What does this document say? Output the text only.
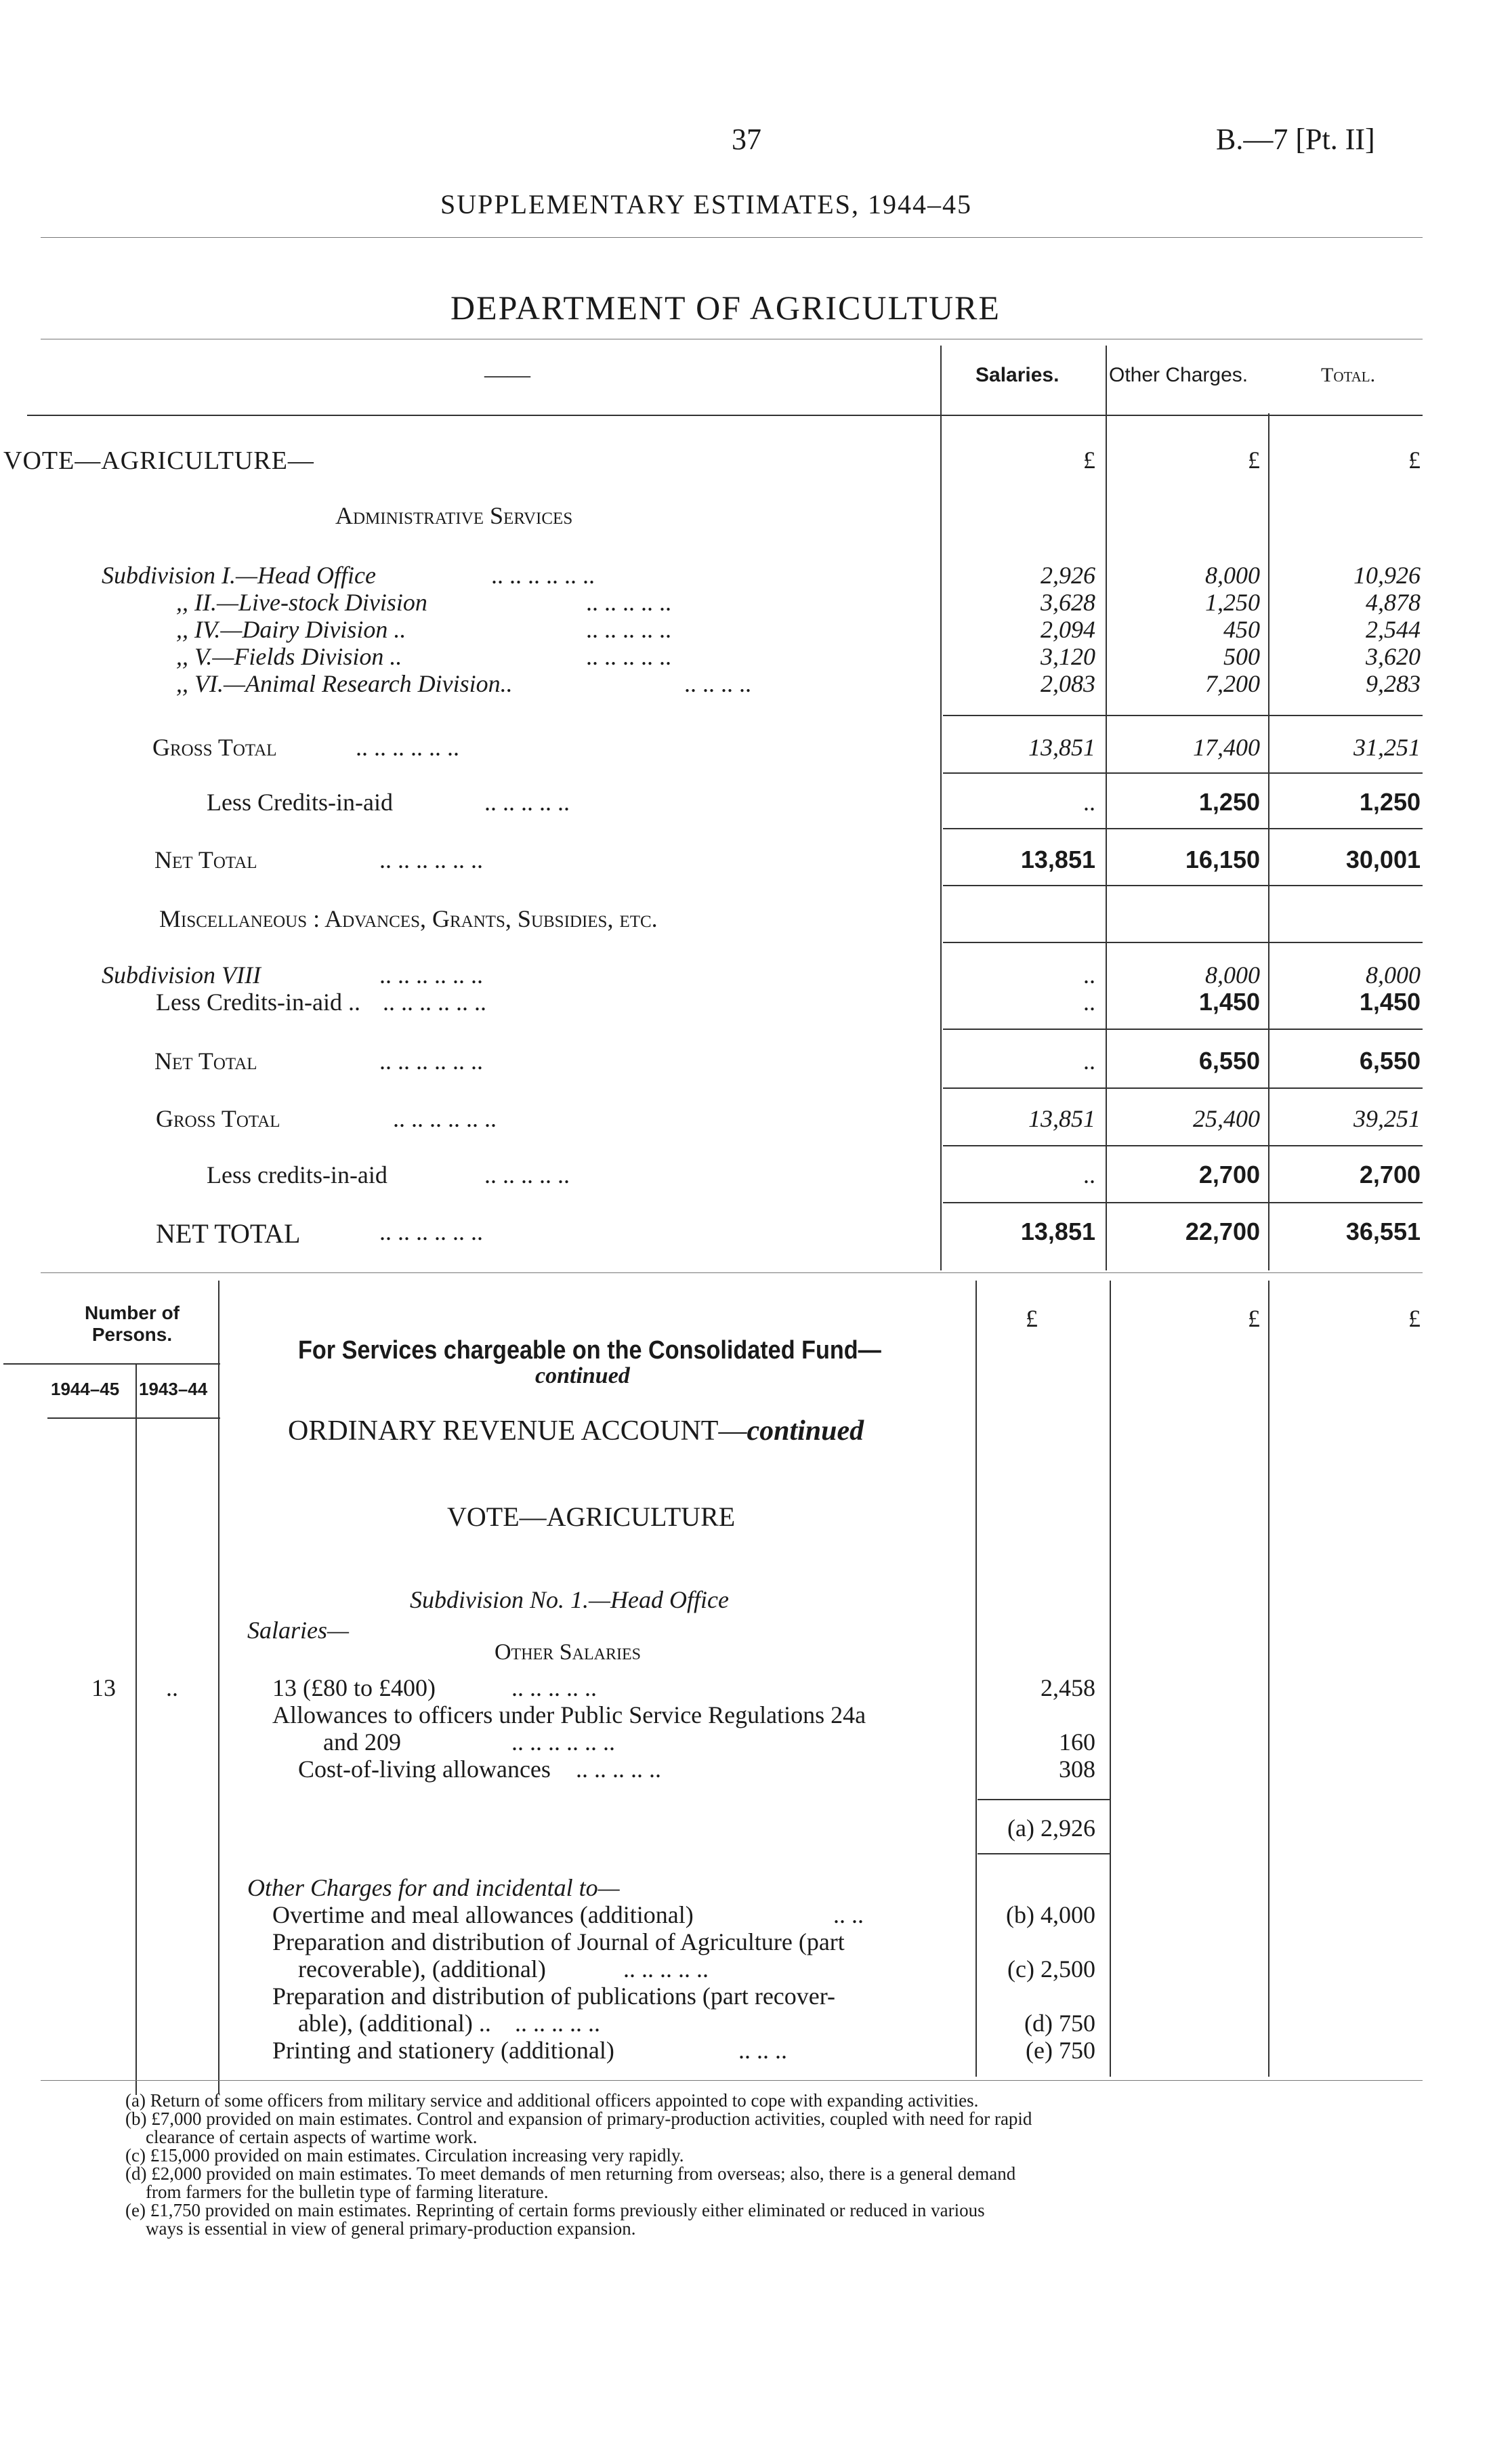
37	B.—7 [Pt. II]
SUPPLEMENTARY ESTIMATES, 1944–45
DEPARTMENT OF AGRICULTURE
——	Salaries. Other Charges.	Total.
VOTE—AGRICULTURE—	£	£	£
Administrative Services
Subdivision I.—Head Office	.. .. .. .. .. ..	2,926	8,000	10,926
,, II.—Live-stock Division	.. .. .. .. ..	3,628	1,250	4,878
,, IV.—Dairy Division ..	.. .. .. .. ..	2,094	450	2,544
,, V.—Fields Division ..	.. .. .. .. ..	3,120	500	3,620
,, VI.—Animal Research Division..	.. .. .. ..	2,083	7,200	9,283
Gross Total	.. .. .. .. .. ..	13,851	17,400	31,251
Less Credits-in-aid	.. .. .. .. ..	..	1,250	1,250
Net Total	.. .. .. .. .. ..	13,851	16,150	30,001
Miscellaneous : Advances, Grants, Subsidies, etc.
Subdivision VIII	.. .. .. .. .. ..	..	8,000	8,000
Less Credits-in-aid .. .. .. .. .. .. ..	..	1,450	1,450
Net Total	.. .. .. .. .. ..	..	6,550	6,550
Gross Total	.. .. .. .. .. ..	13,851	25,400	39,251
Less credits-in-aid	.. .. .. .. ..	..	2,700	2,700
NET TOTAL	.. .. .. .. .. ..	13,851	22,700	36,551
Number of Persons.
1944–45 1943–44
£	£	£
For Services chargeable on the Consolidated Fund—
continued
ORDINARY REVENUE ACCOUNT—continued
VOTE—AGRICULTURE
Subdivision No. 1.—Head Office
Salaries—
Other Salaries
13 ..	13 (£80 to £400)	.. .. .. .. ..	2,458
Allowances to officers under Public Service Regulations 24a
and 209	.. .. .. .. .. ..	160
Cost-of-living allowances .. .. .. .. ..	308
(a) 2,926
Other Charges for and incidental to—
Overtime and meal allowances (additional)	.. ..	(b) 4,000
Preparation and distribution of Journal of Agriculture (part
recoverable), (additional)	.. .. .. .. ..	(c) 2,500
Preparation and distribution of publications (part recover-
able), (additional) .. .. .. .. .. ..	(d) 750
Printing and stationery (additional)	.. .. ..	(e) 750
(a) Return of some officers from military service and additional officers appointed to cope with expanding activities.
(b) £7,000 provided on main estimates. Control and expansion of primary-production activities, coupled with need for rapid
clearance of certain aspects of wartime work.
(c) £15,000 provided on main estimates. Circulation increasing very rapidly.
(d) £2,000 provided on main estimates. To meet demands of men returning from overseas; also, there is a general demand
from farmers for the bulletin type of farming literature.
(e) £1,750 provided on main estimates. Reprinting of certain forms previously either eliminated or reduced in various
ways is essential in view of general primary-production expansion.
